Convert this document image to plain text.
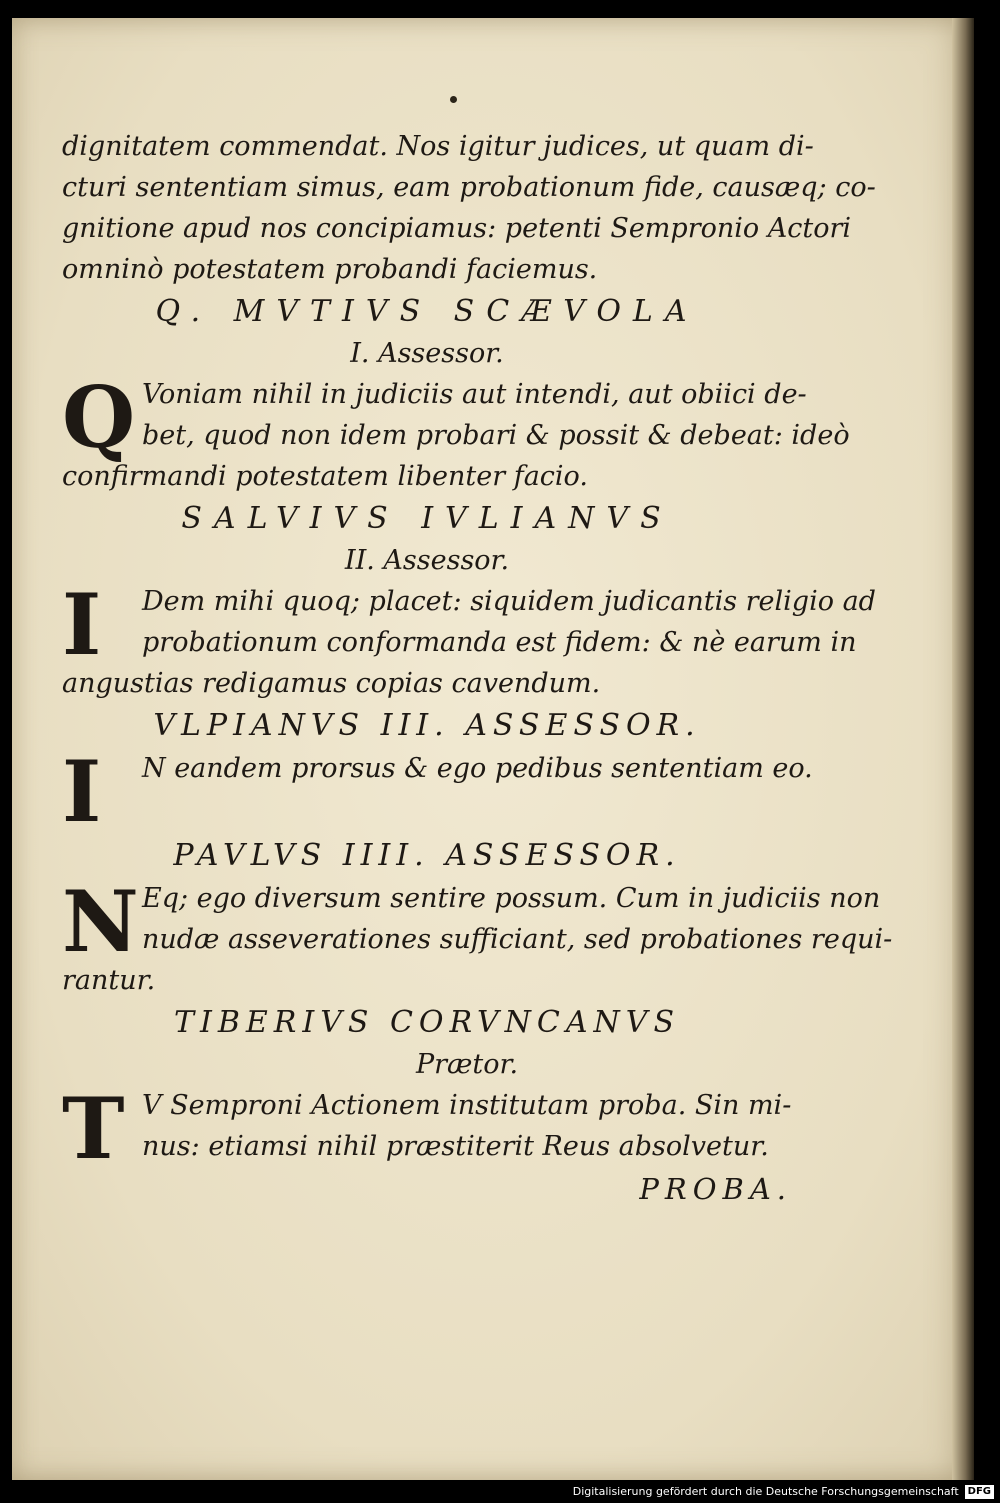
dignitatem commendat. Nos igitur judices, ut quam di-
cturi sententiam simus, eam probationum fide, causæq; co-
gnitione apud nos concipiamus: petenti Sempronio Actori
omninò potestatem probandi faciemus.
Q. MVTIVS SCÆVOLA
I. Assessor.
Q Voniam nihil in judiciis aut intendi, aut obiici de-
bet, quod non idem probari & possit & debeat: ideò
confirmandi potestatem libenter facio.
SALVIVS IVLIANVS
II. Assessor.
I	Dem mihi quoq; placet: siquidem judicantis religio ad
probationum conformanda est fidem: & nè earum in
angustias redigamus copias cavendum.
VLPIANVS III. ASSESSOR.
I	N eandem prorsus & ego pedibus sententiam eo.
PAVLVS IIII. ASSESSOR.
N Eq; ego diversum sentire possum. Cum in judiciis non
nudæ asseverationes sufficiant, sed probationes requi-
rantur.
TIBERIVS CORVNCANVS
Prætor.
T V Semproni Actionem institutam proba. Sin mi-
nus: etiamsi nihil præstiterit Reus absolvetur.
PROBA.
Digitalisierung gefördert durch die Deutsche Forschungsgemeinschaft DFG
